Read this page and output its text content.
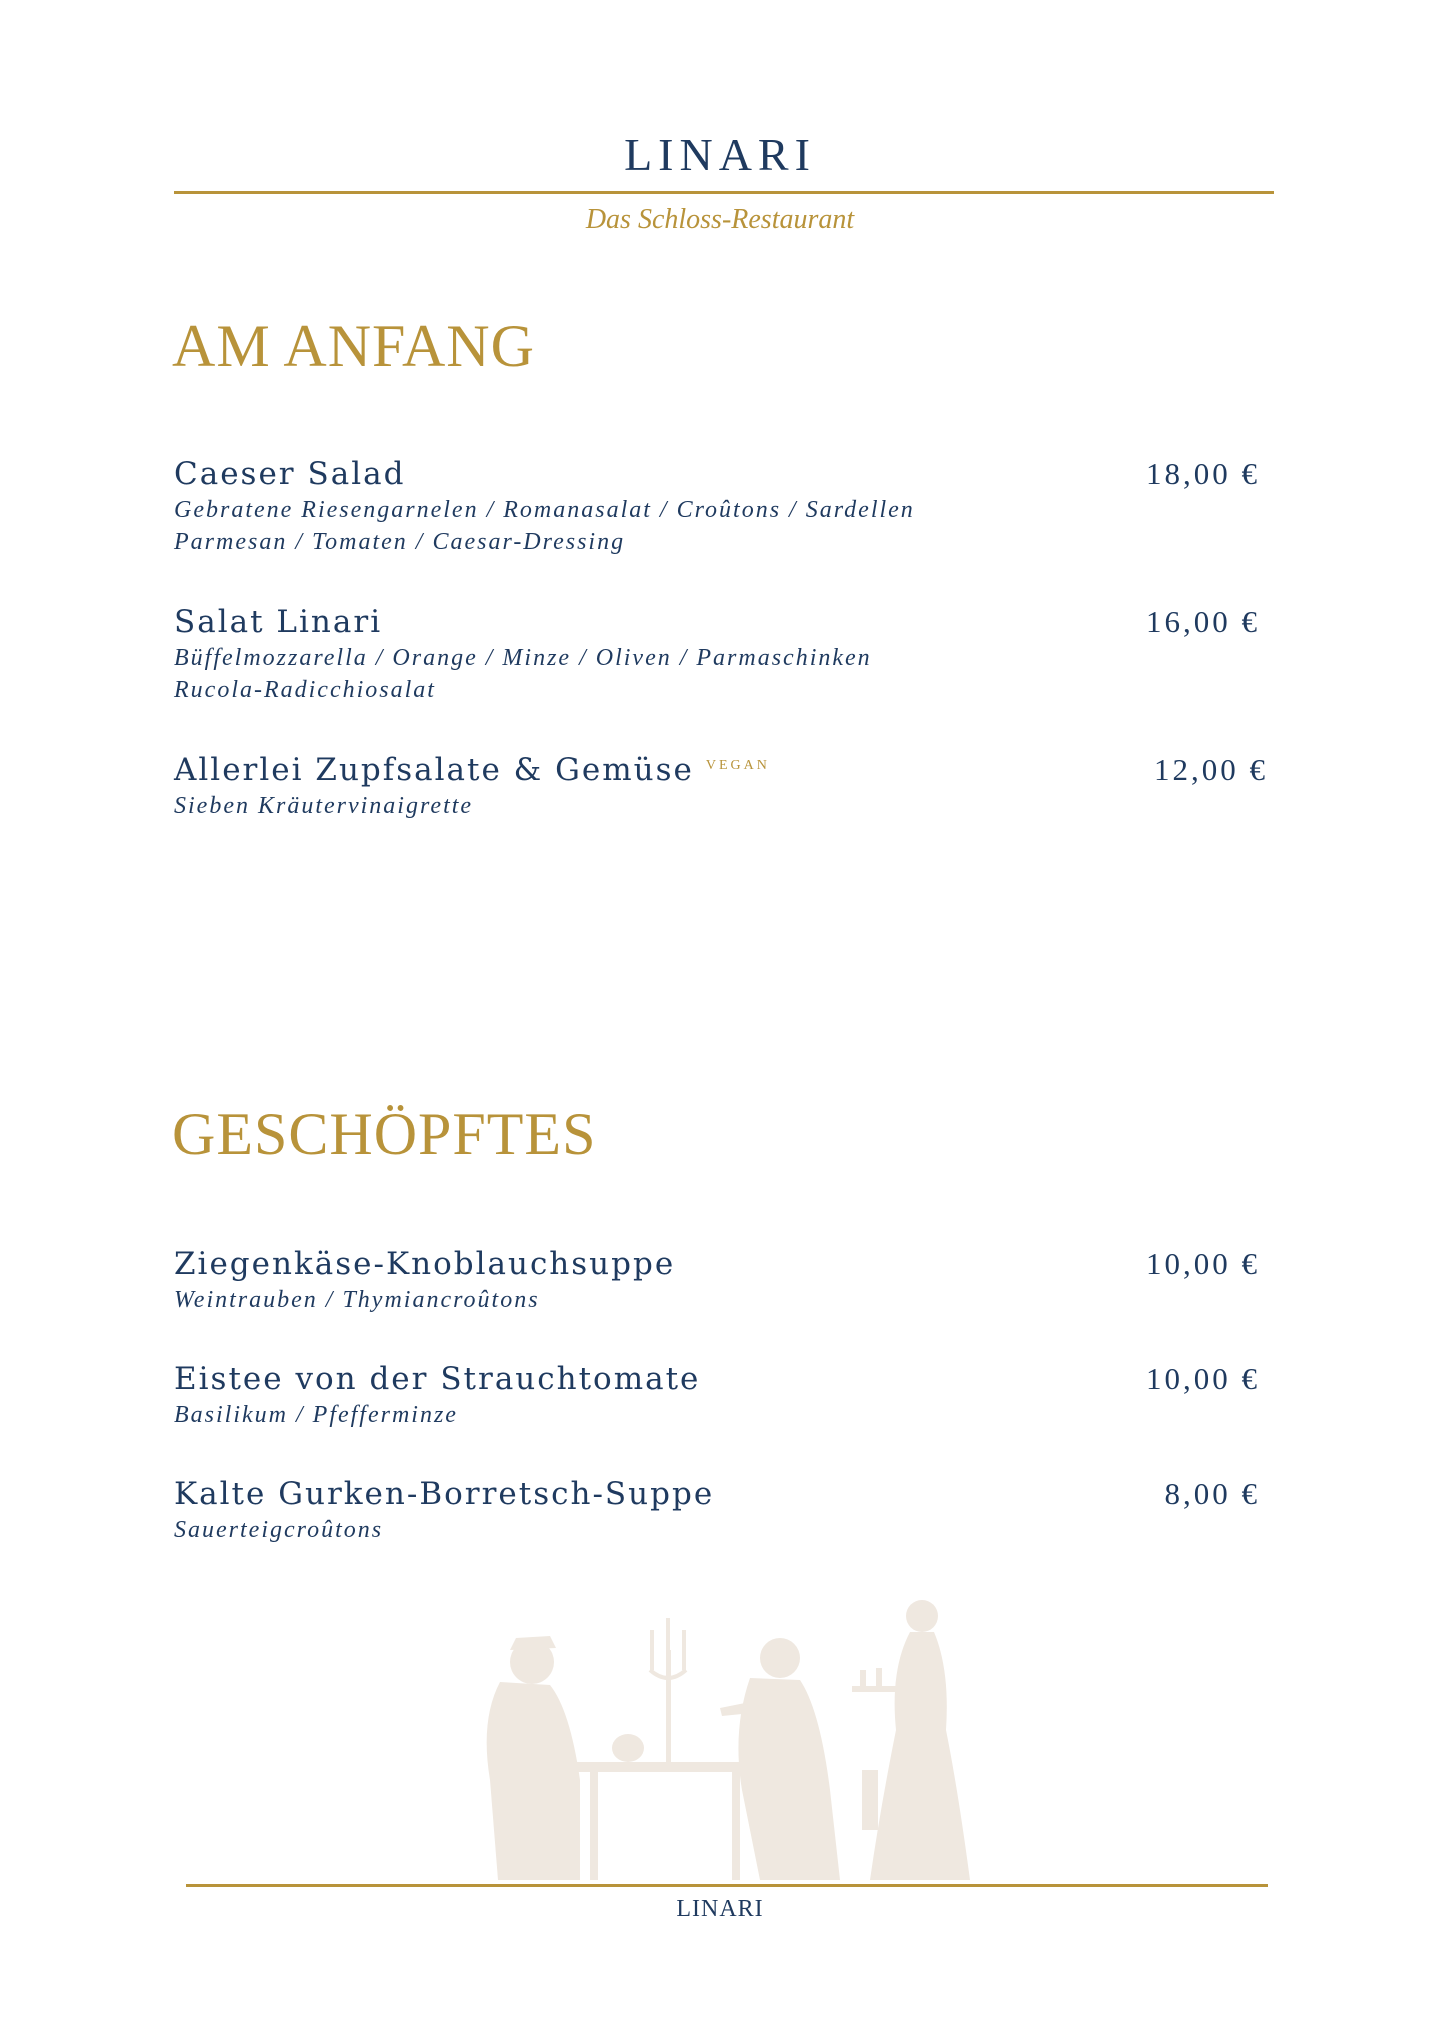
LINARI
Das Schloss-Restaurant
AM ANFANG
Caeser Salad
Gebratene Riesengarnelen / Romanasalat / Croûtons / Sardellen
Parmesan / Tomaten / Caesar-Dressing
18,00 €
Salat Linari
Büffelmozzarella / Orange / Minze / Oliven / Parmaschinken
Rucola-Radicchiosalat
16,00 €
Allerlei Zupfsalate & Gemüse VEGAN
Sieben Kräutervinaigrette
12,00 €
GESCHÖPFTES
Ziegenkäse-Knoblauchsuppe
Weintrauben / Thymiancroûtons
10,00 €
Eistee von der Strauchtomate
Basilikum / Pfefferminze
10,00 €
Kalte Gurken-Borretsch-Suppe
Sauerteigcroûtons
8,00 €
LINARI
